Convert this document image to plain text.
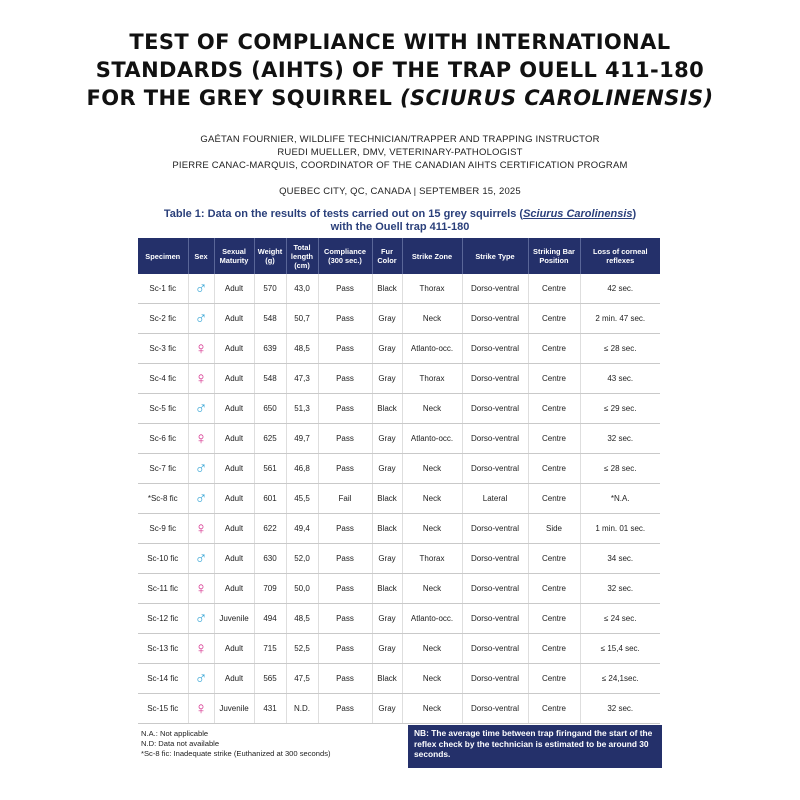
TEST OF COMPLIANCE WITH INTERNATIONAL
STANDARDS (AIHTS) OF THE TRAP OUELL 411-180
FOR THE GREY SQUIRREL (SCIURUS CAROLINENSIS)
GAÉTAN FOURNIER, WILDLIFE TECHNICIAN/TRAPPER AND TRAPPING INSTRUCTOR
RUEDI MUELLER, DMV, VETERINARY-PATHOLOGIST
PIERRE CANAC-MARQUIS, COORDINATOR OF THE CANADIAN AIHTS CERTIFICATION PROGRAM
QUEBEC CITY, QC, CANADA | SEPTEMBER 15, 2025
Table 1: Data on the results of tests carried out on 15 grey squirrels (Sciurus Carolinensis)
with the Ouell trap 411-180
Specimen	Sex	Sexual Maturity	Weight (g)	Total length (cm)	Compliance (300 sec.)	Fur Color	Strike Zone	Strike Type	Striking Bar Position	Loss of corneal reflexes
Sc-1 fic	♂	Adult	570	43,0	Pass	Black	Thorax	Dorso-ventral	Centre	42 sec.
Sc-2 fic	♂	Adult	548	50,7	Pass	Gray	Neck	Dorso-ventral	Centre	2 min. 47 sec.
Sc-3 fic	♀	Adult	639	48,5	Pass	Gray	Atlanto-occ.	Dorso-ventral	Centre	≤ 28 sec.
Sc-4 fic	♀	Adult	548	47,3	Pass	Gray	Thorax	Dorso-ventral	Centre	43 sec.
Sc-5 fic	♂	Adult	650	51,3	Pass	Black	Neck	Dorso-ventral	Centre	≤ 29 sec.
Sc-6 fic	♀	Adult	625	49,7	Pass	Gray	Atlanto-occ.	Dorso-ventral	Centre	32 sec.
Sc-7 fic	♂	Adult	561	46,8	Pass	Gray	Neck	Dorso-ventral	Centre	≤ 28 sec.
*Sc-8 fic	♂	Adult	601	45,5	Fail	Black	Neck	Lateral	Centre	*N.A.
Sc-9 fic	♀	Adult	622	49,4	Pass	Black	Neck	Dorso-ventral	Side	1 min. 01 sec.
Sc-10 fic	♂	Adult	630	52,0	Pass	Gray	Thorax	Dorso-ventral	Centre	34 sec.
Sc-11 fic	♀	Adult	709	50,0	Pass	Black	Neck	Dorso-ventral	Centre	32 sec.
Sc-12 fic	♂	Juvenile	494	48,5	Pass	Gray	Atlanto-occ.	Dorso-ventral	Centre	≤ 24 sec.
Sc-13 fic	♀	Adult	715	52,5	Pass	Gray	Neck	Dorso-ventral	Centre	≤ 15,4 sec.
Sc-14 fic	♂	Adult	565	47,5	Pass	Black	Neck	Dorso-ventral	Centre	≤ 24,1sec.
Sc-15 fic	♀	Juvenile	431	N.D.	Pass	Gray	Neck	Dorso-ventral	Centre	32 sec.
N.A.: Not applicable
N.D: Data not available
*Sc-8 fic: Inadequate strike (Euthanized at 300 seconds)
NB: The average time between trap firingand the start of the reflex check by the technician is estimated to be around 30 seconds.
